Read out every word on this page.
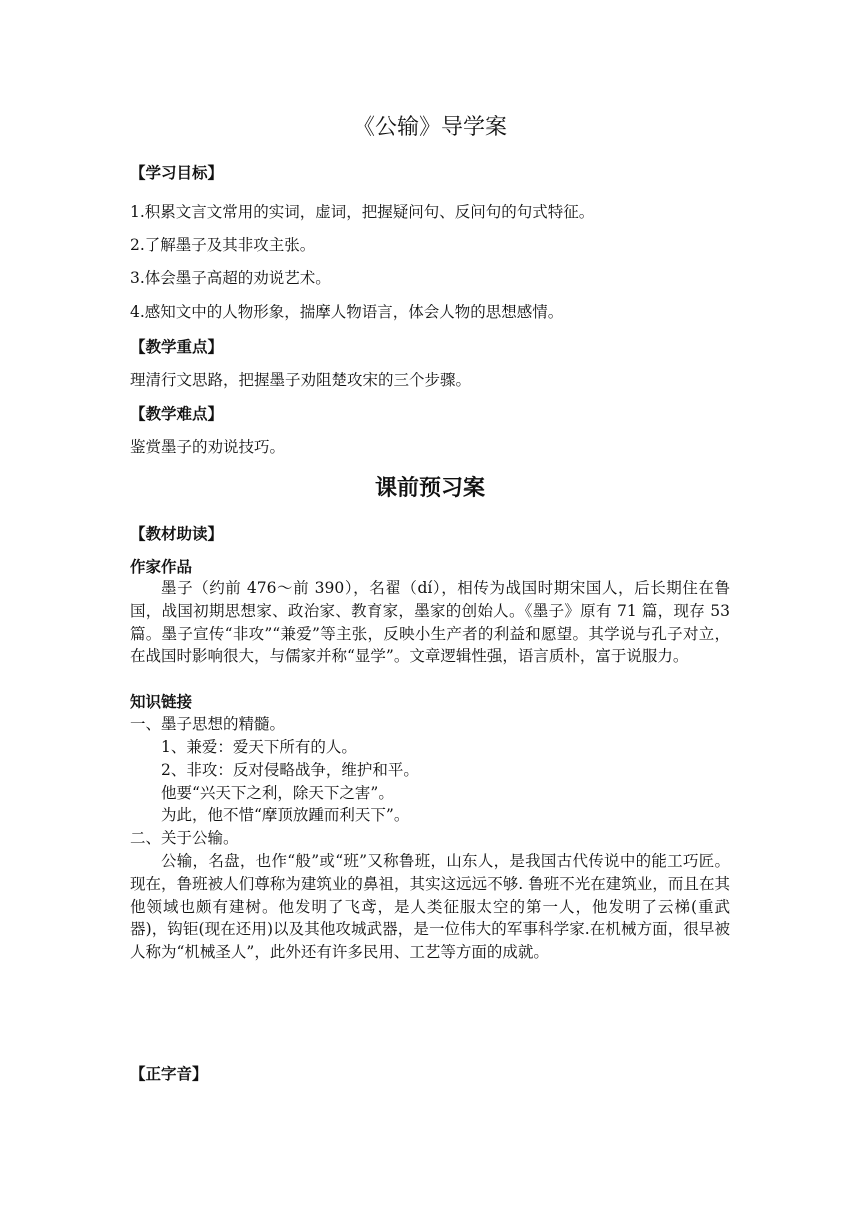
《公输》导学案
【学习目标】
1.积累文言文常用的实词，虚词，把握疑问句、反问句的句式特征。
2.了解墨子及其非攻主张。
3.体会墨子高超的劝说艺术。
4.感知文中的人物形象，揣摩人物语言，体会人物的思想感情。
【教学重点】
理清行文思路，把握墨子劝阻楚攻宋的三个步骤。
【教学难点】
鉴赏墨子的劝说技巧。
课前预习案
【教材助读】
作家作品
墨子（约前 476～前 390），名翟（dí），相传为战国时期宋国人，后长期住在鲁国，战国初期思想家、政治家、教育家，墨家的创始人。《墨子》原有 71 篇，现存 53 篇。墨子宣传“非攻”“兼爱”等主张，反映小生产者的利益和愿望。其学说与孔子对立，在战国时影响很大，与儒家并称“显学”。文章逻辑性强，语言质朴，富于说服力。
知识链接
一、墨子思想的精髓。
1、兼爱：爱天下所有的人。
2、非攻：反对侵略战争，维护和平。
他要“兴天下之利，除天下之害”。
为此，他不惜“摩顶放踵而利天下”。
二、关于公输。
公输，名盘，也作“般”或“班”又称鲁班，山东人，是我国古代传说中的能工巧匠。现在，鲁班被人们尊称为建筑业的鼻祖，其实这远远不够. 鲁班不光在建筑业，而且在其他领域也颇有建树。他发明了飞鸢，是人类征服太空的第一人，他发明了云梯(重武器)，钩钜(现在还用)以及其他攻城武器，是一位伟大的军事科学家.在机械方面，很早被人称为“机械圣人”，此外还有许多民用、工艺等方面的成就。
【正字音】
